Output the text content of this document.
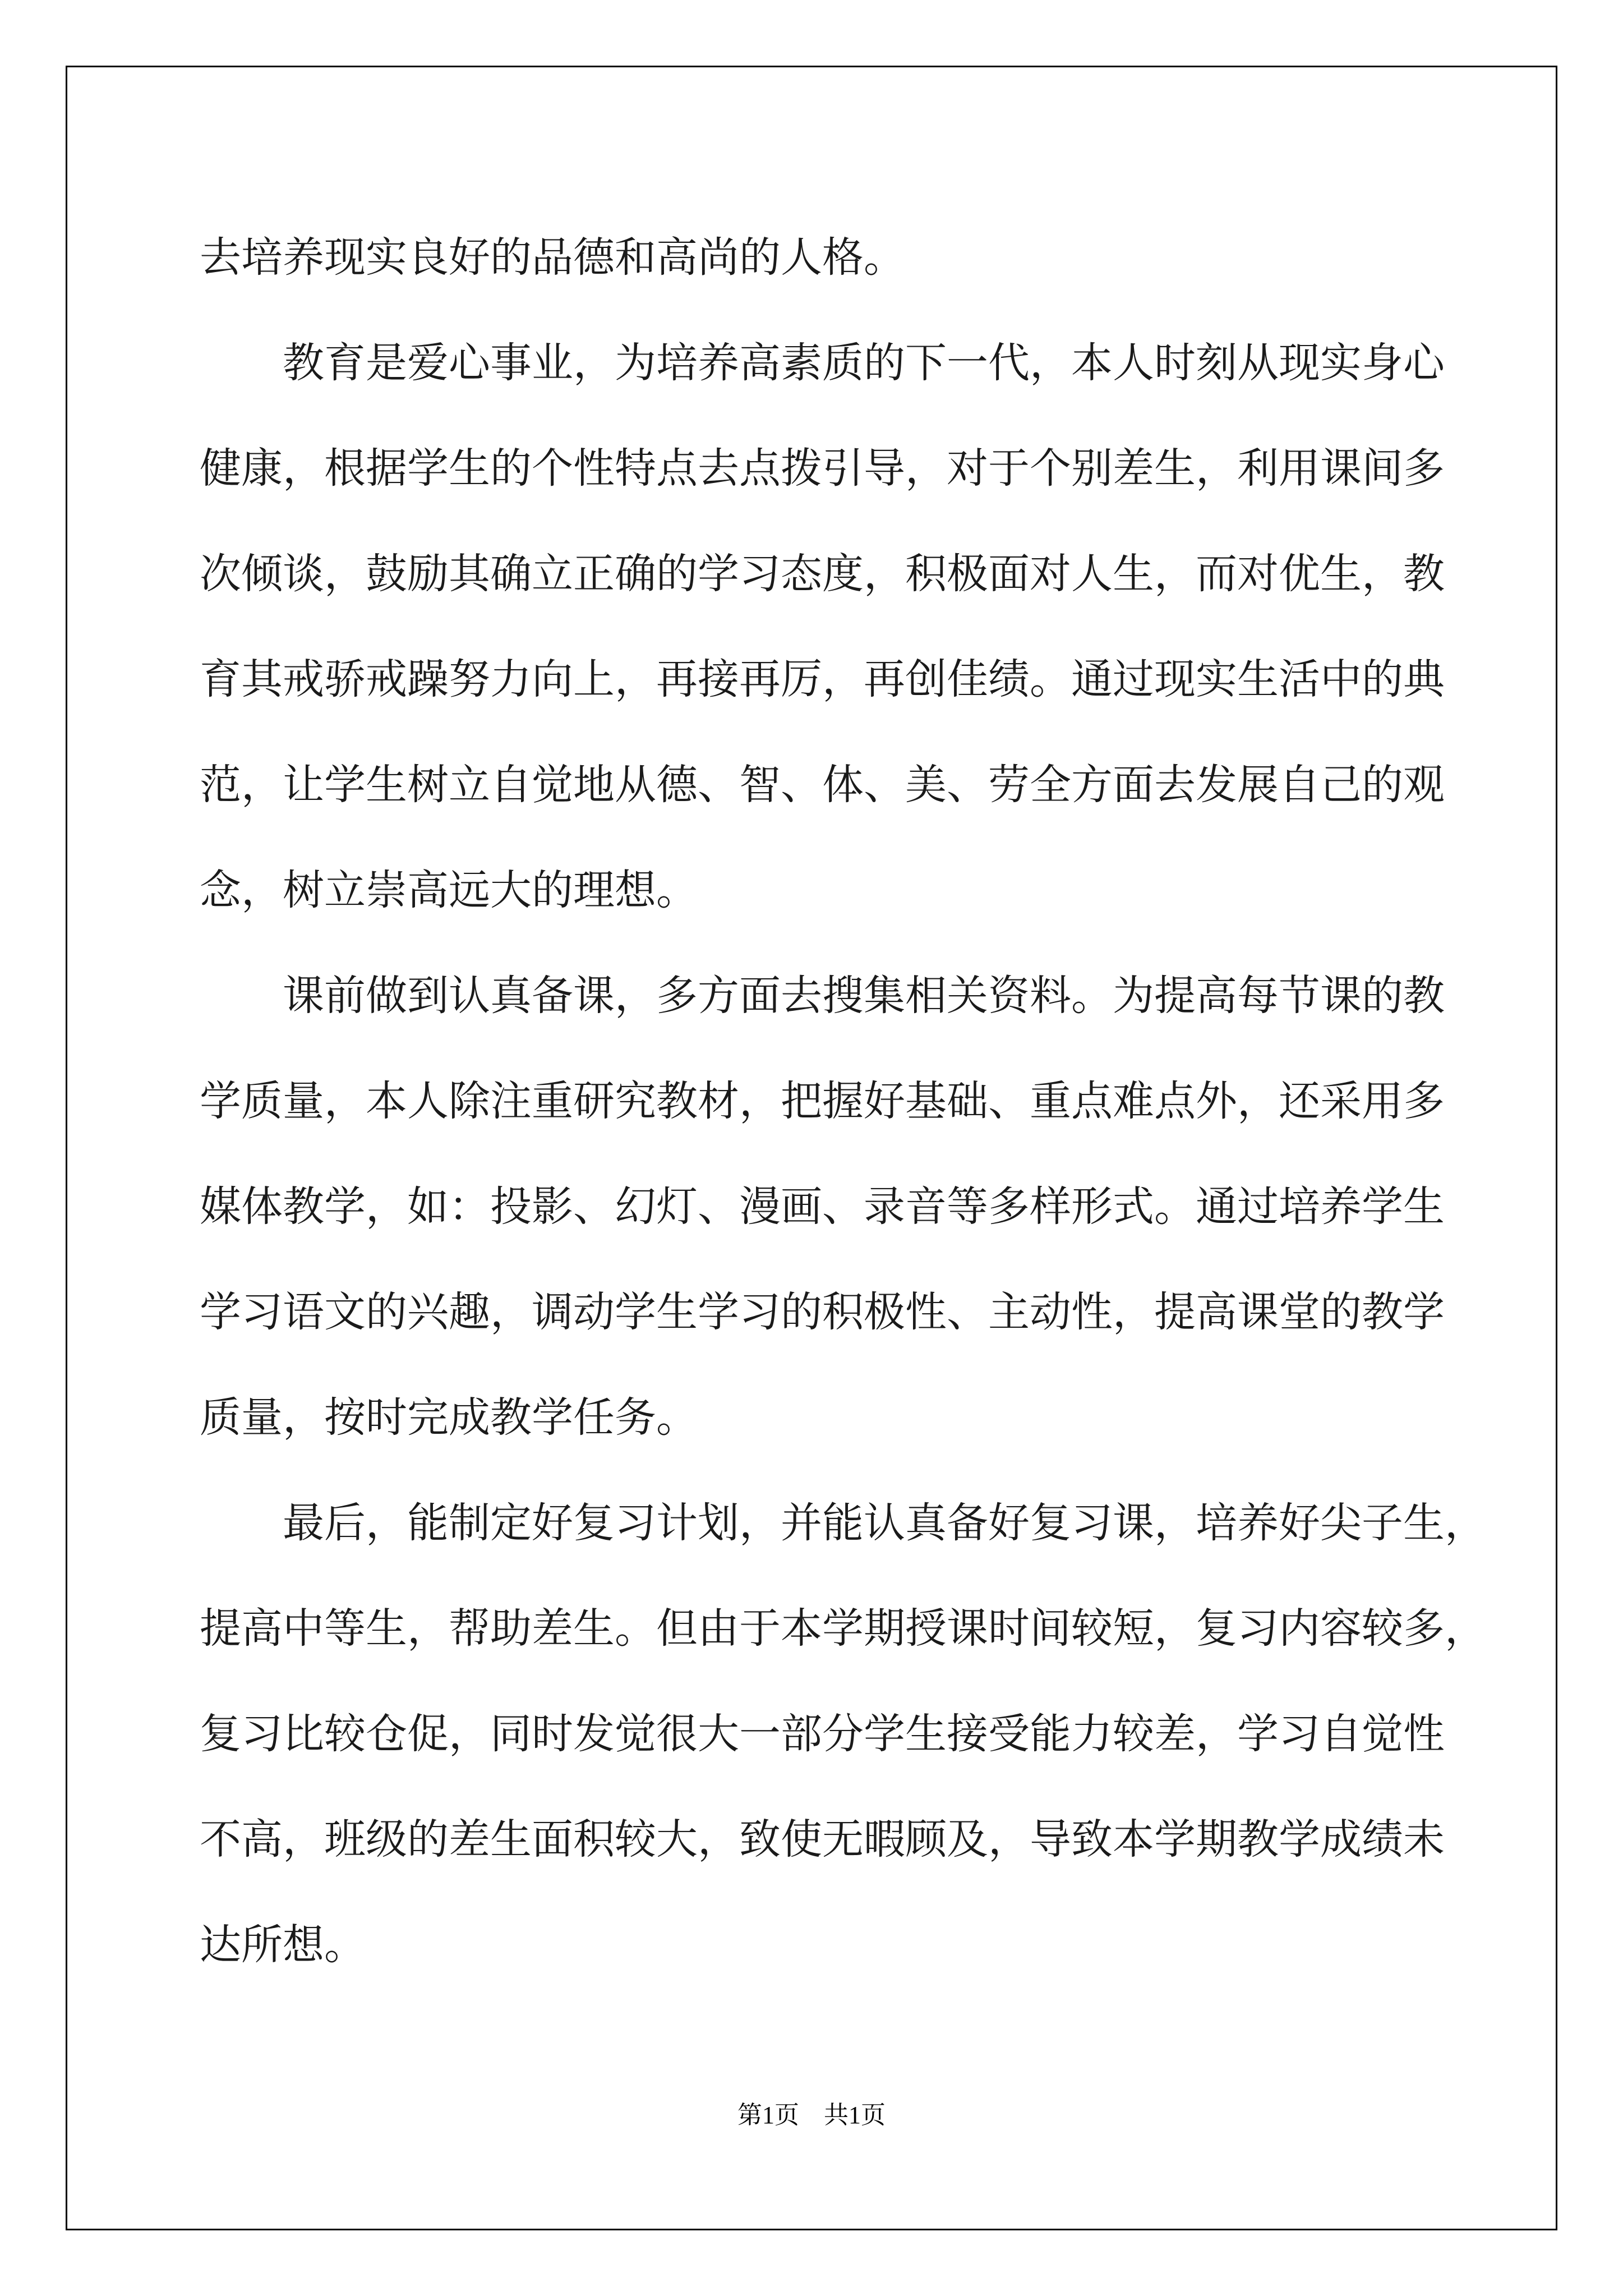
去培养现实良好的品德和高尚的人格。
教育是爱心事业，为培养高素质的下一代，本人时刻从现实身心
健康，根据学生的个性特点去点拨引导，对于个别差生，利用课间多
次倾谈，鼓励其确立正确的学习态度，积极面对人生，而对优生，教
育其戒骄戒躁努力向上，再接再厉，再创佳绩。通过现实生活中的典
范，让学生树立自觉地从德、智、体、美、劳全方面去发展自己的观
念，树立崇高远大的理想。
课前做到认真备课，多方面去搜集相关资料。为提高每节课的教
学质量，本人除注重研究教材，把握好基础、重点难点外，还采用多
媒体教学，如：投影、幻灯、漫画、录音等多样形式。通过培养学生
学习语文的兴趣，调动学生学习的积极性、主动性，提高课堂的教学
质量，按时完成教学任务。
最后，能制定好复习计划，并能认真备好复习课，培养好尖子生，
提高中等生，帮助差生。但由于本学期授课时间较短，复习内容较多，
复习比较仓促，同时发觉很大一部分学生接受能力较差，学习自觉性
不高，班级的差生面积较大，致使无暇顾及，导致本学期教学成绩未
达所想。
第1页　共1页
